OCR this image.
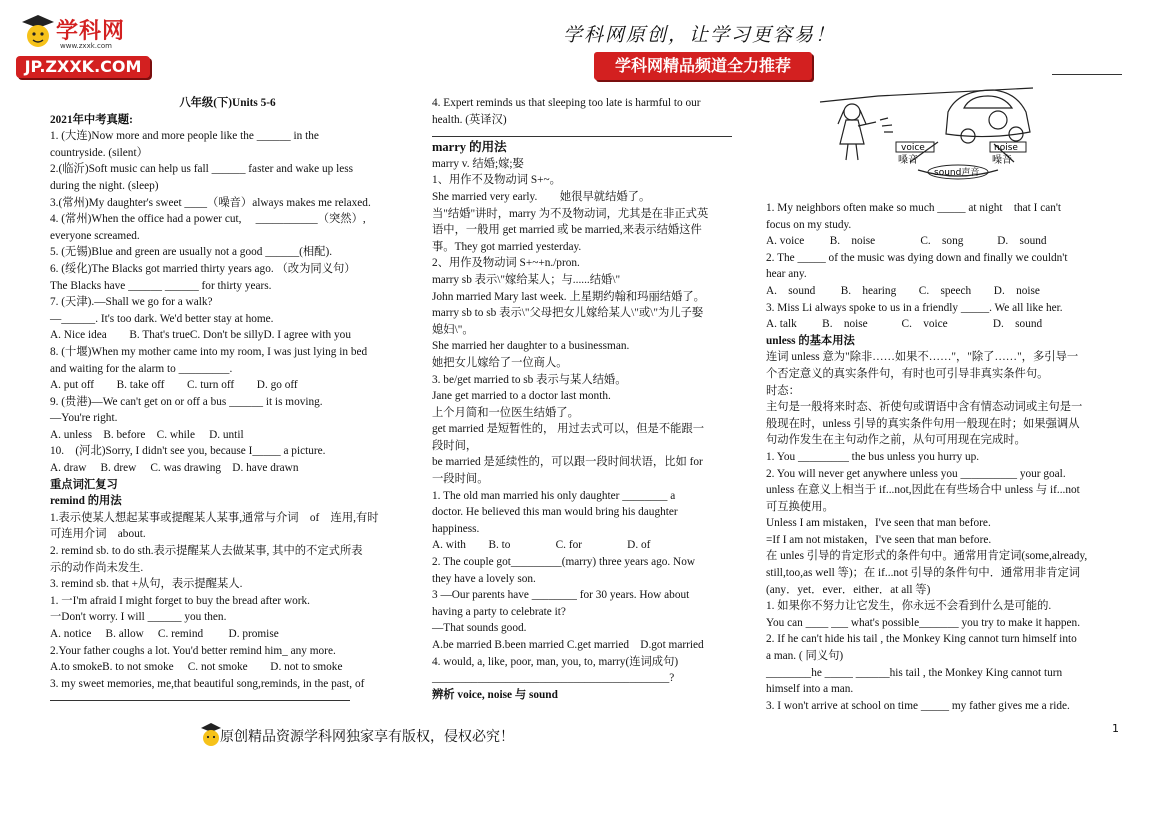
学科网
www.zxxk.com
JP.ZXXK.COM
学科网原创，让学习更容易！
学科网精品频道全力推荐

八年级(下)Units 5-6

2021年中考真题:

1. (大连)Now more and more people like the ______ in the

countryside. (silent）

2.(临沂)Soft music can help us fall ______ faster and wake up less

during the night. (sleep)

3.(常州)My daughter's sweet ____（噪音）always makes me relaxed.

4. (常州)When the office had a power cut,　 ___________（突然）,

everyone screamed.

5. (无锡)Blue and green are usually not a good ______(相配).

6. (绥化)The Blacks got married thirty years ago. （改为同义句）

The Blacks have ______ ______ for thirty years.

7. (天津).—Shall we go for a walk?

—______. It's too dark. We'd better stay at home.

A. Nice idea　　B. That's trueC. Don't be sillyD. I agree with you

8. (十堰)When my mother came into my room, I was just lying in bed

and waiting for the alarm to _________.

A. put off　　B. take off　　C. turn off　　D. go off

9. (贵港)—We can't get on or off a bus ______ it is moving.

—You're right.

A. unless　B. before　C. while　 D. until

10.　(河北)Sorry, I didn't see you, because I_____ a picture.

A. draw　 B. drew　 C. was drawing　D. have drawn

重点词汇复习

remind 的用法

1.表示使某人想起某事或提醒某人某事,通常与介词　of　连用,有时

可连用介词　about.

2. remind sb. to do sth.表示提醒某人去做某事, 其中的不定式所表

示的动作尚未发生.

3. remind sb. that +从句，表示提醒某人.

1. 一I'm afraid I might forget to buy the bread after work.

一Don't worry. I will ______ you then.

A. notice　 B. allow　 C. remind　　 D. promise

2.Your father coughs a lot. You'd better remind him_ any more.

A.to smokeB. to not smoke　 C. not smoke　　D. not to smoke

3. my sweet memories, me,that beautiful song,reminds, in the past, of

4. Expert reminds us that sleeping too late is harmful to our

health. (英译汉)

marry 的用法

marry v. 结婚;嫁;娶

1、用作不及物动词 S+~。

She married very early.　　她很早就结婚了。

当"结婚"讲时，marry 为不及物动词，尤其是在非正式英

语中，一般用 get married 或 be married,来表示结婚这件

事。They got married yesterday.

2、用作及物动词 S+~+n./pron.

marry sb 表示\"嫁给某人；与......结婚\"

John married Mary last week. 上星期约翰和玛丽结婚了。

marry sb to sb 表示\"父母把女儿嫁给某人\"或\"为儿子娶

媳妇\"。

She married her daughter to a businessman.

她把女儿嫁给了一位商人。

3. be/get married to sb 表示与某人结婚。

Jane get married to a doctor last month.

上个月简和一位医生结婚了。

get married 是短暂性的， 用过去式可以，但是不能跟一

段时间，

be married 是延续性的，可以跟一段时间状语，比如 for

一段时间。

1. The old man married his only daughter ________ a

doctor. He believed this man would bring his daughter

happiness.

A. with　　B. to　　　　C. for　　　　D. of

2. The couple got_________(marry) three years ago. Now

they have a lovely son.

3 —Our parents have ________ for 30 years. How about

having a party to celebrate it?

—That sounds good.

A.be married B.been married C.get married　D.got married

4. would, a, like, poor, man, you, to, marry(连词成句)

__________________________________________?

辨析 voice, noise 与 sound

voice
嗓音
noise
噪音
sound声音

1. My neighbors often make so much _____ at night　that I can't

focus on my study.

A. voice　　 B.　noise　　　　C.　song　　　D.　sound

2. The _____ of the music was dying down and finally we couldn't

hear any.

A.　sound　　 B.　hearing　　C.　speech　　D.　noise

3. Miss Li always spoke to us in a friendly _____. We all like her.

A. talk　　 B.　noise　　　C.　voice　　　　D.　sound

unless 的基本用法

连词 unless 意为"除非……如果不……"，"除了……"，多引导一

个否定意义的真实条件句，有时也可引导非真实条件句。

时态：

主句是一般将来时态、祈使句或谓语中含有情态动词或主句是一

般现在时，unless 引导的真实条件句用一般现在时；如果强调从

句动作发生在主句动作之前，从句可用现在完成时。

1. You _________ the bus unless you hurry up.

2. You will never get anywhere unless you __________ your goal.

unless 在意义上相当于 if...not,因此在有些场合中 unless 与 if...not

可互换使用。

Unless I am mistaken，I've seen that man before.

=If I am not mistaken，I've seen that man before.

在 unles 引导的肯定形式的条件句中。通常用肯定词(some,already,

still,too,as well 等)；在 if...not 引导的条件句中．通常用非肯定词

(any．yet．ever．either．at all 等)

1. 如果你不努力让它发生，你永远不会看到什么是可能的.

You can ____ ___ what's possible_______ you try to make it happen.

2. If he can't hide his tail , the Monkey King cannot turn himself into

a man. ( 同义句)

________he _____ ______his tail , the Monkey King cannot turn

himself into a man.

3. I won't arrive at school on time _____ my father gives me a ride.

原创精品资源学科网独家享有版权，侵权必究！
1
